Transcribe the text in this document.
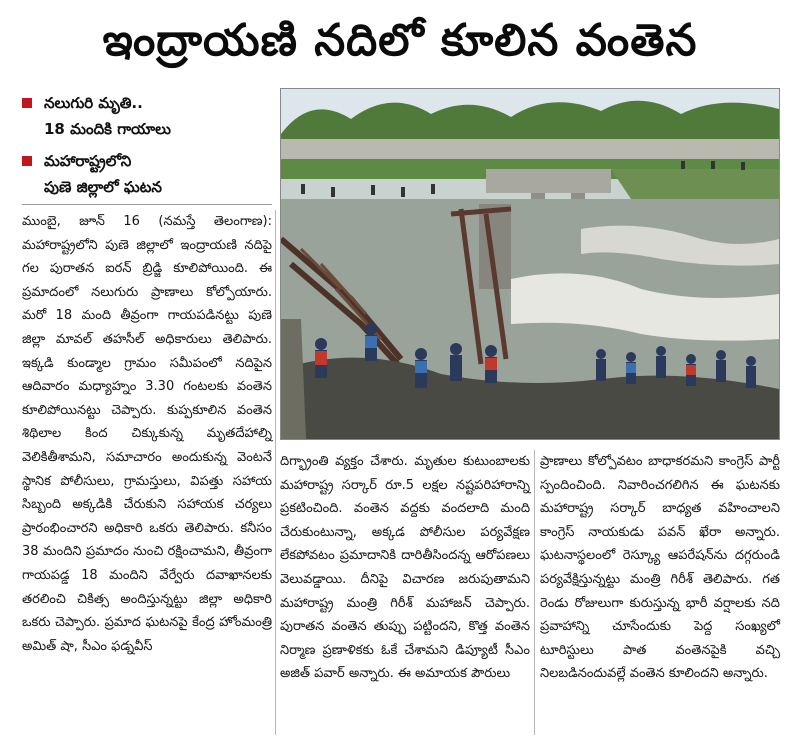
ఇంద్రాయణి నదిలో కూలిన వంతెన
నలుగురి మృతి..
18 మందికి గాయాలు
మహారాష్ట్రలోని
పుణె జిల్లాలో ఘటన
ముంబై, జూన్ 16 (నమస్తే తెలంగాణ): మహారాష్ట్రలోని పుణె జిల్లాలో ఇంద్రాయణి నదిపై గల పురాతన ఐరన్ బ్రిడ్జి కూలిపోయింది. ఈ ప్రమాదంలో నలుగురు ప్రాణాలు కోల్పోయారు. మరో 18 మంది తీవ్రంగా గాయపడినట్టు పుణె జిల్లా మావల్ తహసీల్ అధికారులు తెలిపారు. ఇక్కడి కుండ్మాల గ్రామం సమీపంలో నదిపైన ఆదివారం మధ్యాహ్నం 3.30 గంటలకు వంతెన కూలిపోయినట్టు చెప్పారు. కుప్పకూలిన వంతెన శిథిలాల కింద చిక్కుకున్న మృతదేహాల్ని వెలికితీశామని, సమాచారం అందుకున్న వెంటనే స్థానిక పోలీసులు, గ్రామస్తులు, విపత్తు సహాయ సిబ్బంది అక్కడికి చేరుకుని సహాయక చర్యలు ప్రారంభించారని అధికారి ఒకరు తెలిపారు. కనీసం 38 మందిని ప్రమాదం నుంచి రక్షించామని, తీవ్రంగా గాయపడ్డ 18 మందిని వేర్వేరు దవాఖానలకు తరలించి చికిత్స అందిస్తున్నట్టు జిల్లా అధికారి ఒకరు చెప్పారు. ప్రమాద ఘటనపై కేంద్ర హోంమంత్రి అమిత్ షా, సీఎం ఫడ్నవీస్
దిగ్భ్రాంతి వ్యక్తం చేశారు. మృతుల కుటుంబాలకు మహారాష్ట్ర సర్కార్ రూ.5 లక్షల నష్టపరిహారాన్ని ప్రకటించింది. వంతెన వద్దకు వందలాది మంది చేరుకుంటున్నా, అక్కడ పోలీసుల పర్యవేక్షణ లేకపోవటం ప్రమాదానికి దారితీసిందన్న ఆరోపణలు వెలువడ్డాయి. దీనిపై విచారణ జరుపుతామని మహారాష్ట్ర మంత్రి గిరీశ్ మహాజన్ చెప్పారు. పురాతన వంతెన తుప్పు పట్టిందని, కొత్త వంతెన నిర్మాణ ప్రణాళికకు ఓకే చేశామని డిప్యూటీ సీఎం అజిత్ పవార్ అన్నారు. ఈ అమాయక పౌరులు
ప్రాణాలు కోల్పోవటం బాధాకరమని కాంగ్రెస్ పార్టీ స్పందించింది. నివారించగలిగిన ఈ ఘటనకు మహారాష్ట్ర సర్కార్ బాధ్యత వహించాలని కాంగ్రెస్ నాయకుడు పవన్ ఖేరా అన్నారు. ఘటనాస్థలంలో రెస్క్యూ ఆపరేషన్‌ను దగ్గరుండి పర్యవేక్షిస్తున్నట్టు మంత్రి గిరీశ్ తెలిపారు. గత రెండు రోజులుగా కురుస్తున్న భారీ వర్షాలకు నది ప్రవాహాన్ని చూసేందుకు పెద్ద సంఖ్యలో టూరిస్టులు పాత వంతెనపైకి వచ్చి నిలబడినందువల్లే వంతెన కూలిందని అన్నారు.
